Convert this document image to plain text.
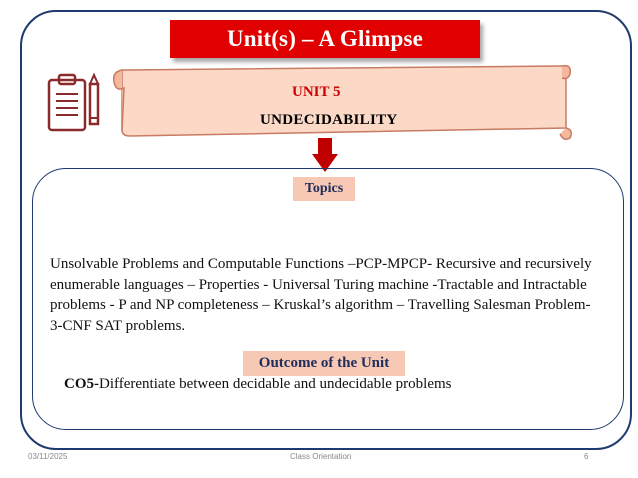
Unit(s) – A Glimpse
UNIT 5
UNDECIDABILITY
Topics
Unsolvable Problems and Computable Functions –PCP-MPCP- Recursive and recursively enumerable languages – Properties - Universal Turing machine -Tractable and Intractable problems - P and NP completeness – Kruskal’s algorithm – Travelling Salesman Problem- 3-CNF SAT problems.
Outcome of the Unit
CO5-Differentiate between decidable and undecidable problems
03/11/2025	Class Orientation	6
